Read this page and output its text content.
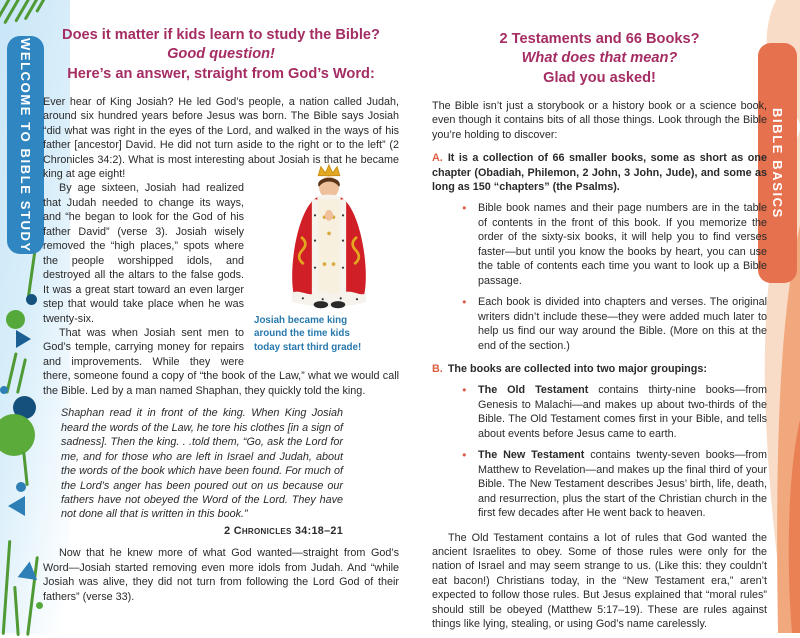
WELCOME TO BIBLE STUDY	BIBLE BASICS
Does it matter if kids learn to study the Bible?
Good question!
Here’s an answer, straight from God’s Word:

Ever hear of King Josiah? He led God’s people, a nation called Judah, around six hundred years before Jesus was born. The Bible says Josiah “did what was right in the eyes of the Lord, and walked in the ways of his father [ancestor] David. He did not turn aside to the right or to the left” (2 Chronicles 34:2). What is most interesting about Josiah is that he became king at age eight!

Josiah became king around the time kids today start third grade!

By age sixteen, Josiah had realized that Judah needed to change its ways, and “he began to look for the God of his father David” (verse 3). Josiah wisely removed the “high places,” spots where the people worshipped idols, and destroyed all the altars to the false gods. It was a great start toward an even larger step that would take place when he was twenty-six.

That was when Josiah sent men to God’s temple, carrying money for repairs and improvements. While they were there, someone found a copy of “the book of the Law,” what we would call the Bible. Led by a man named Shaphan, they quickly told the king.

Shaphan read it in front of the king. When King Josiah heard the words of the Law, he tore his clothes [in a sign of sadness]. Then the king. . .told them, “Go, ask the Lord for me, and for those who are left in Israel and Judah, about the words of the book which have been found. For much of the Lord’s anger has been poured out on us because our fathers have not obeyed the Word of the Lord. They have not done all that is written in this book.”

2 Chronicles 34:18–21

Now that he knew more of what God wanted—straight from God’s Word—Josiah started removing even more idols from Judah. And “while Josiah was alive, they did not turn from following the Lord God of their fathers” (verse 33).

2 Testaments and 66 Books?
What does that mean?
Glad you asked!

The Bible isn’t just a storybook or a history book or a science book, even though it contains bits of all those things. Look through the Bible you’re holding to discover:

A. It is a collection of 66 smaller books, some as short as one chapter (Obadiah, Philemon, 2 John, 3 John, Jude), and some as long as 150 “chapters” (the Psalms).

● Bible book names and their page numbers are in the table of contents in the front of this book. If you memorize the order of the sixty-six books, it will help you to find verses faster—but until you know the books by heart, you can use the table of contents each time you want to look up a Bible passage.
● Each book is divided into chapters and verses. The original writers didn’t include these—they were added much later to help us find our way around the Bible. (More on this at the end of the section.)

B. The books are collected into two major groupings:

● The Old Testament contains thirty-nine books—from Genesis to Malachi—and makes up about two-thirds of the Bible. The Old Testament comes first in your Bible, and tells about events before Jesus came to earth.
● The New Testament contains twenty-seven books—from Matthew to Revelation—and makes up the final third of your Bible. The New Testament describes Jesus’ birth, life, death, and resurrection, plus the start of the Christian church in the first few decades after He went back to heaven.

The Old Testament contains a lot of rules that God wanted the ancient Israelites to obey. Some of those rules were only for the nation of Israel and may seem strange to us. (Like this: they couldn’t eat bacon!) Christians today, in the “New Testament era,” aren’t expected to follow those rules. But Jesus explained that “moral rules” should still be obeyed (Matthew 5:17–19). These are rules against things like lying, stealing, or using God’s name carelessly.
